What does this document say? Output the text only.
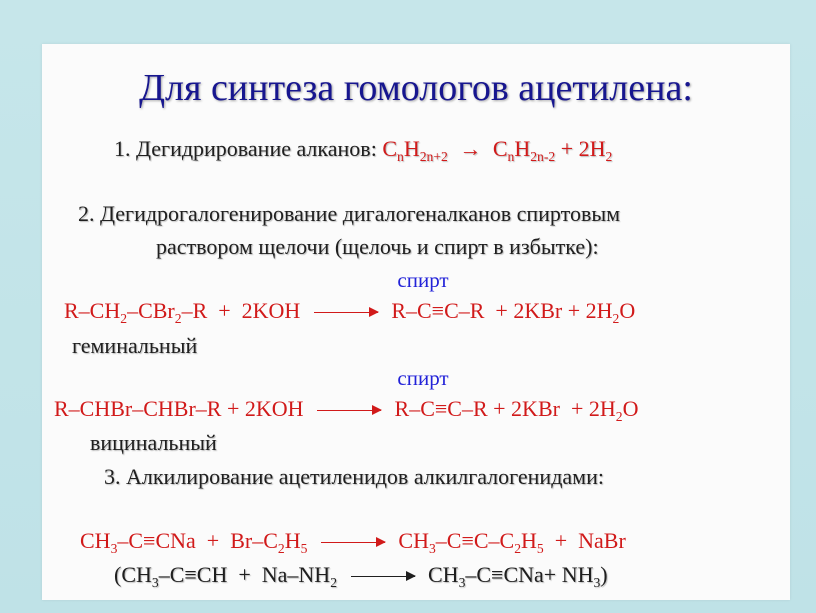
Для синтеза гомологов ацетилена:
1. Дегидрирование алканов: $C_nH_{2n+2} \to C_nH_{2n-2} + 2H_2$
2. Дегидрогалогенирование дигалогеналканов спиртовым
раствором щелочи (щелочь и спирт в избытке):
спирт
$R-CH_2-CBr_2-R + 2KOH \to R-C\equiv C-R + 2KBr + 2H_2O$
геминальный
спирт
R–CHBr–CHBr–R + $2KOH \to R-C\equiv C-R + 2KBr + 2H_2O$
вицинальный
3. Алкилирование ацетиленидов алкилгалогенидами:
$CH_3-C\equiv CNa + Br-C_2H_5 \to CH_3-C\equiv C-C_2H_5$  +  NaBr
$(CH_3-C\equiv CH + Na-NH_2 \to CH_3-C\equiv CNa+ NH_3)$
